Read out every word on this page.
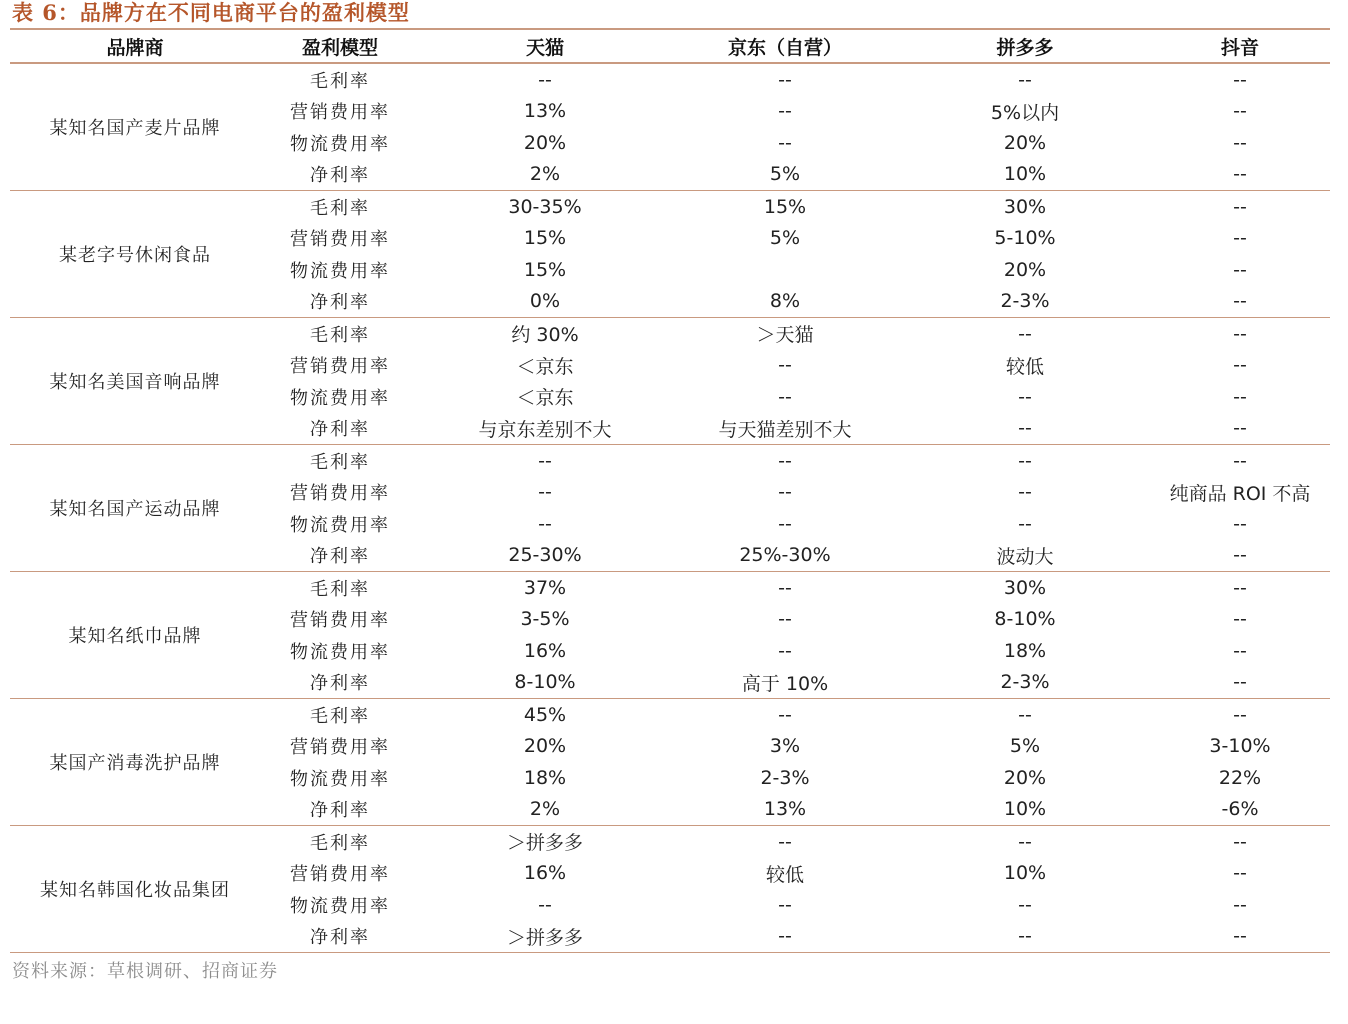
表 6：品牌方在不同电商平台的盈利模型
品牌商	盈利模型	天猫	京东（自营）	拼多多	抖音
某知名国产麦片品牌	毛利率	--	--	--	--
	营销费用率	13%	--	5%以内	--
	物流费用率	20%	--	20%	--
	净利率	2%	5%	10%	--
某老字号休闲食品	毛利率	30-35%	15%	30%	--
	营销费用率	15%	5%	5-10%	--
	物流费用率	15%		20%	--
	净利率	0%	8%	2-3%	--
某知名美国音响品牌	毛利率	约 30%	＞天猫	--	--
	营销费用率	＜京东	--	较低	--
	物流费用率	＜京东	--	--	--
	净利率	与京东差别不大	与天猫差别不大	--	--
某知名国产运动品牌	毛利率	--	--	--	--
	营销费用率	--	--	--	纯商品 ROI 不高
	物流费用率	--	--	--	--
	净利率	25-30%	25%-30%	波动大	--
某知名纸巾品牌	毛利率	37%	--	30%	--
	营销费用率	3-5%	--	8-10%	--
	物流费用率	16%	--	18%	--
	净利率	8-10%	高于 10%	2-3%	--
某国产消毒洗护品牌	毛利率	45%	--	--	--
	营销费用率	20%	3%	5%	3-10%
	物流费用率	18%	2-3%	20%	22%
	净利率	2%	13%	10%	-6%
某知名韩国化妆品集团	毛利率	＞拼多多	--	--	--
	营销费用率	16%	较低	10%	--
	物流费用率	--	--	--	--
	净利率	＞拼多多	--	--	--
资料来源：草根调研、招商证券
